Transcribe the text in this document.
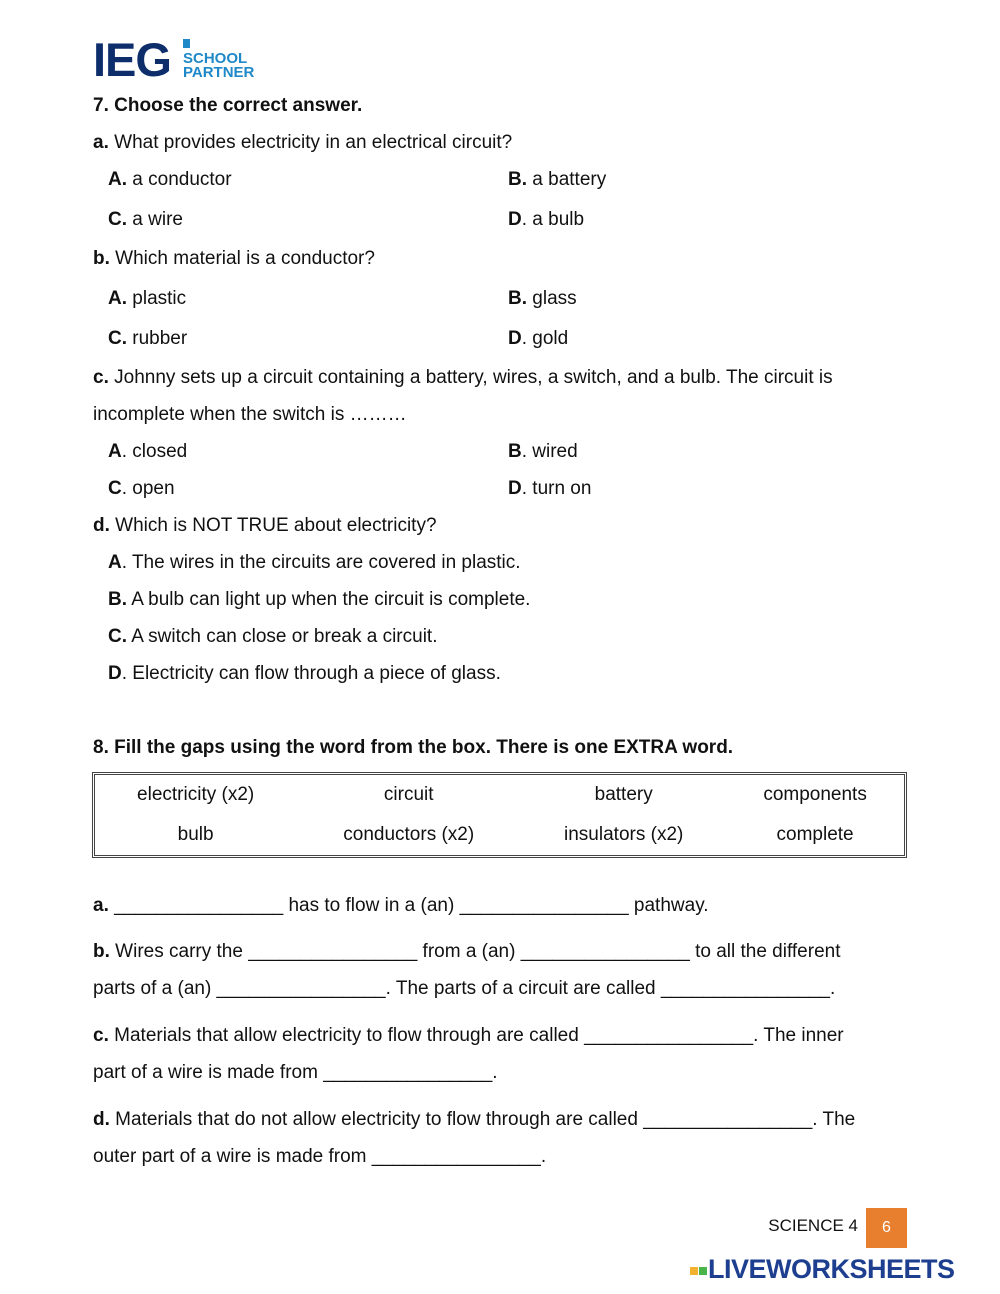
IEG SCHOOL
PARTNER
7. Choose the correct answer.
a. What provides electricity in an electrical circuit?
A. a conductor	B. a battery
C. a wire	D. a bulb
b. Which material is a conductor?
A. plastic	B. glass
C. rubber	D. gold
c. Johnny sets up a circuit containing a battery, wires, a switch, and a bulb. The circuit is
incomplete when the switch is ………
A. closed	B. wired
C. open	D. turn on
d. Which is NOT TRUE about electricity?
A. The wires in the circuits are covered in plastic.
B. A bulb can light up when the circuit is complete.
C. A switch can close or break a circuit.
D. Electricity can flow through a piece of glass.
8. Fill the gaps using the word from the box. There is one EXTRA word.
electricity (x2)	circuit	battery	components
bulb	conductors (x2)	insulators (x2)	complete
a. ________________ has to flow in a (an) ________________ pathway.
b. Wires carry the ________________ from a (an) ________________ to all the different
parts of a (an) ________________. The parts of a circuit are called ________________.
c. Materials that allow electricity to flow through are called ________________. The inner
part of a wire is made from ________________.
d. Materials that do not allow electricity to flow through are called ________________. The
outer part of a wire is made from ________________.
SCIENCE 4	6
LIVEWORKSHEETS
